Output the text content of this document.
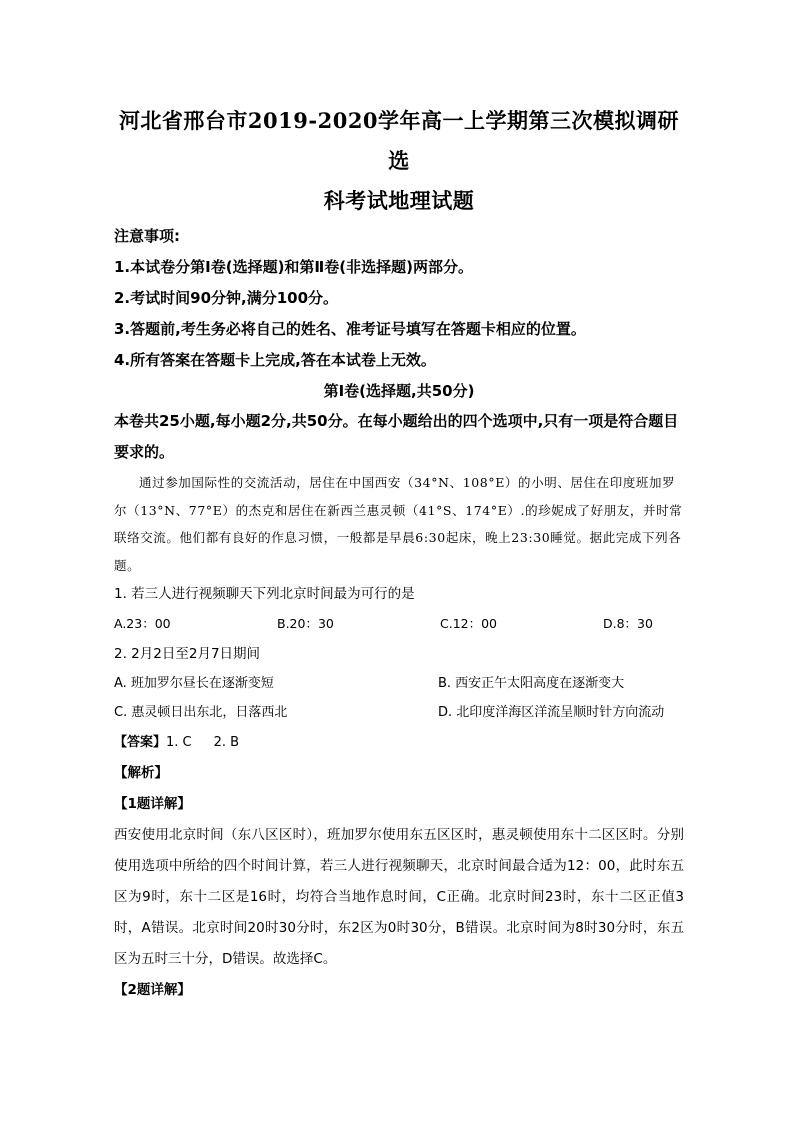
河北省邢台市2019-2020学年高一上学期第三次模拟调研选
科考试地理试题
注意事项:
1.本试卷分第Ⅰ卷(选择题)和第Ⅱ卷(非选择题)两部分。
2.考试时间90分钟,满分100分。
3.答题前,考生务必将自己的姓名、准考证号填写在答题卡相应的位置。
4.所有答案在答题卡上完成,答在本试卷上无效。
第Ⅰ卷(选择题,共50分)
本卷共25小题,每小题2分,共50分。在每小题给出的四个选项中,只有一项是符合题目要求的。
通过参加国际性的交流活动，居住在中国西安（34°N、108°E）的小明、居住在印度班加罗尔（13°N、77°E）的杰克和居住在新西兰惠灵顿（41°S、174°E）.的珍妮成了好朋友，并时常联络交流。他们都有良好的作息习惯，一般都是早晨6:30起床，晚上23:30睡觉。据此完成下列各题。
1. 若三人进行视频聊天下列北京时间最为可行的是
A.23：00	B.20：30	C.12：00	D.8：30
2. 2月2日至2月7日期间
A. 班加罗尔昼长在逐渐变短	B. 西安正午太阳高度在逐渐变大
C. 惠灵顿日出东北，日落西北	D. 北印度洋海区洋流呈顺时针方向流动
【答案】1. C 2. B
【解析】
【1题详解】
西安使用北京时间（东八区区时），班加罗尔使用东五区区时，惠灵顿使用东十二区区时。分别使用选项中所给的四个时间计算，若三人进行视频聊天，北京时间最合适为12：00，此时东五区为9时，东十二区是16时，均符合当地作息时间，C正确。北京时间23时，东十二区正值3时，A错误。北京时间20时30分时，东2区为0时30分，B错误。北京时间为8时30分时，东五区为五时三十分，D错误。故选择C。
【2题详解】
